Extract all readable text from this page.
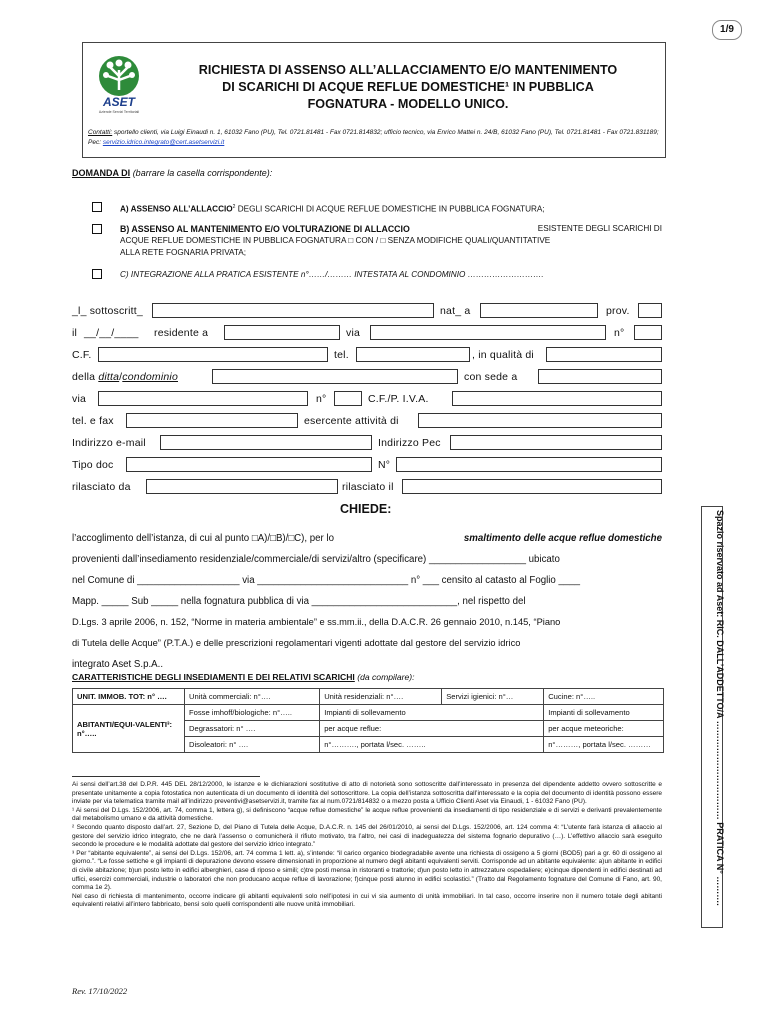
1/9
ASET
Aziende Servizi Territoriali
RICHIESTA DI ASSENSO ALL’ALLACCIAMENTO E/O MANTENIMENTO
DI SCARICHI DI ACQUE REFLUE DOMESTICHE¹ IN PUBBLICA
FOGNATURA - MODELLO UNICO.
Contatti: sportello clienti, via Luigi Einaudi n. 1, 61032 Fano (PU), Tel. 0721.81481 - Fax 0721.814832; ufficio tecnico, via Enrico Mattei n. 24/B, 61032 Fano (PU), Tel. 0721.81481 - Fax 0721.831189; Pec: servizio.idrico.integrato@cert.asetservizi.it
DOMANDA DI (barrare la casella corrispondente):
A) ASSENSO ALL’ALLACCIO$^2$ DEGLI SCARICHI DI ACQUE REFLUE DOMESTICHE IN PUBBLICA FOGNATURA;
B) ASSENSO AL MANTENIMENTO E/O VOLTURAZIONE DI ALLACCIO	ESISTENTE DEGLI SCARICHI DI
ACQUE REFLUE DOMESTICHE IN PUBBLICA FOGNATURA □ CON / □ SENZA MODIFICHE QUALI/QUANTITATIVE
ALLA RETE FOGNARIA PRIVATA;
C) INTEGRAZIONE ALLA PRATICA ESISTENTE n°……/……… INTESTATA AL CONDOMINIO ……………………….
_l_ sottoscritt_	nat_ a	prov.
il __/__/____ residente a	via	n°
C.F.	tel.	, in qualità di
della ditta/condominio	con sede a
via	n°	C.F./P. I.V.A.
tel. e fax	esercente attività di
Indirizzo e-mail	Indirizzo Pec
Tipo doc	N°
rilasciato da	rilasciato il
CHIEDE:
l’accoglimento dell’istanza, di cui al punto □A)/□B)/□C), per lo	smaltimento delle acque reflue domestiche
provenienti dall’insediamento residenziale/commerciale/di servizi/altro (specificare) __________________ ubicato
nel Comune di ___________________ via ____________________________ n° ___ censito al catasto al Foglio ____
Mapp. _____ Sub _____ nella fognatura pubblica di via ___________________________, nel rispetto del
D.Lgs. 3 aprile 2006, n. 152, “Norme in materia ambientale” e ss.mm.ii., della D.A.C.R. 26 gennaio 2010, n.145, “Piano
di Tutela delle Acque” (P.T.A.) e delle prescrizioni regolamentari vigenti adottate dal gestore del servizio idrico
integrato Aset S.p.A..
CARATTERISTICHE DEGLI INSEDIAMENTI E DEI RELATIVI SCARICHI (da compilare):
UNIT. IMMOB. TOT: n° ….	Unità commerciali: n°….	Unità residenziali: n°….	Servizi igienici: n°…	Cucine: n°…..
ABITANTI/EQUI-VALENTI³: n°…..	Fosse imhoff/biologiche: n°…..	Impianti di sollevamento		Impianti di sollevamento
	Degrassatori: n° ….	per acque reflue:		per acque meteoriche:
	Disoleatori: n° ….	n°………., portata l/sec. ……..		n°………, portata l/sec. ………
Ai sensi dell’art.38 del D.P.R. 445 DEL 28/12/2000, le istanze e le dichiarazioni sostitutive di atto di notorietà sono sottoscritte dall’interessato in presenza del dipendente addetto ovvero sottoscritte e presentate unitamente a copia fotostatica non autenticata di un documento di identità del sottoscrittore. La copia dell’istanza sottoscritta dall’interessato e la copia del documento di identità possono essere inviate per via telematica tramite mail all’indirizzo preventivi@asetservizi.it, tramite fax al num.0721/814832 o a mezzo posta a Ufficio Clienti Aset via Einaudi, 1 - 61032 Fano (PU).
¹ Ai sensi del D.Lgs. 152/2006, art. 74, comma 1, lettera g), si definiscono “acque reflue domestiche” le acque reflue provenienti da insediamenti di tipo residenziale e di servizi e derivanti prevalentemente dal metabolismo umano e da attività domestiche.
² Secondo quanto disposto dall’art. 27, Sezione D, del Piano di Tutela delle Acque, D.A.C.R. n. 145 del 26/01/2010, ai sensi del D.Lgs. 152/2006, art. 124 comma 4: “L’utente farà istanza di allaccio al gestore del servizio idrico integrato, che ne darà l’assenso o comunicherà il rifiuto motivato, tra l’altro, nei casi di inadeguatezza del sistema fognario depurativo (…). L’effettivo allaccio sarà eseguito secondo le procedure e le modalità adottate dal gestore del servizio idrico integrato.”
³ Per “abitante equivalente”, ai sensi del D.Lgs. 152/06, art. 74 comma 1 lett. a), s’intende: “il carico organico biodegradabile avente una richiesta di ossigeno a 5 giorni (BOD5) pari a gr. 60 di ossigeno al giorno.”. “Le fosse settiche e gli impianti di depurazione devono essere dimensionati in proporzione al numero degli abitanti equivalenti serviti. Corrisponde ad un abitante equivalente: a)un abitante in edifici di civile abitazione; b)un posto letto in edifici alberghieri, case di riposo e simili; c)tre posti mensa in ristoranti e trattorie; d)un posto letto in attrezzature ospedaliere; e)cinque dipendenti in edifici destinati ad uffici, esercizi commerciali, industrie o laboratori che non producano acque reflue di lavorazione; f)cinque posti alunno in edifici scolastici.” (Tratto dal Regolamento fognature del Comune di Fano, art. 90, comma 1e 2).
Nel caso di richiesta di mantenimento, occorre indicare gli abitanti equivalenti solo nell’ipotesi in cui vi sia aumento di unità immobiliari. In tal caso, occorre inserire non il numero totale degli abitanti equivalenti relativi all’intero fabbricato, bensì solo quelli corrispondenti alle nuove unità immobiliari.
Rev. 17/10/2022
Spazio riservato ad Aset: RIC. DALL’ADDETTO/A …………………………… PRATICA N° ……….
